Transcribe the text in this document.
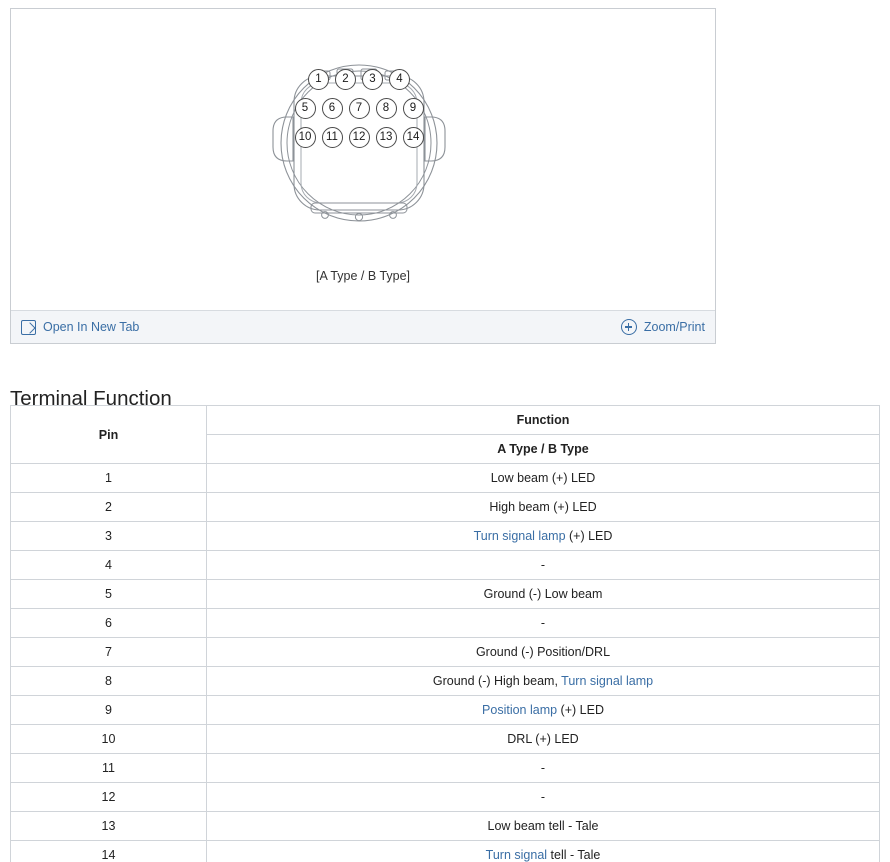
1	2	3	4
5	6	7	8	9
10	11	12	13	14
[A Type / B Type]
Open In New Tab	Zoom/Print
Terminal Function
Pin	Function
	A Type / B Type
1	Low beam (+) LED
2	High beam (+) LED
3	Turn signal lamp (+) LED
4	-
5	Ground (-) Low beam
6	-
7	Ground (-) Position/DRL
8	Ground (-) High beam, Turn signal lamp
9	Position lamp (+) LED
10	DRL (+) LED
11	-
12	-
13	Low beam tell - Tale
14	Turn signal tell - Tale
